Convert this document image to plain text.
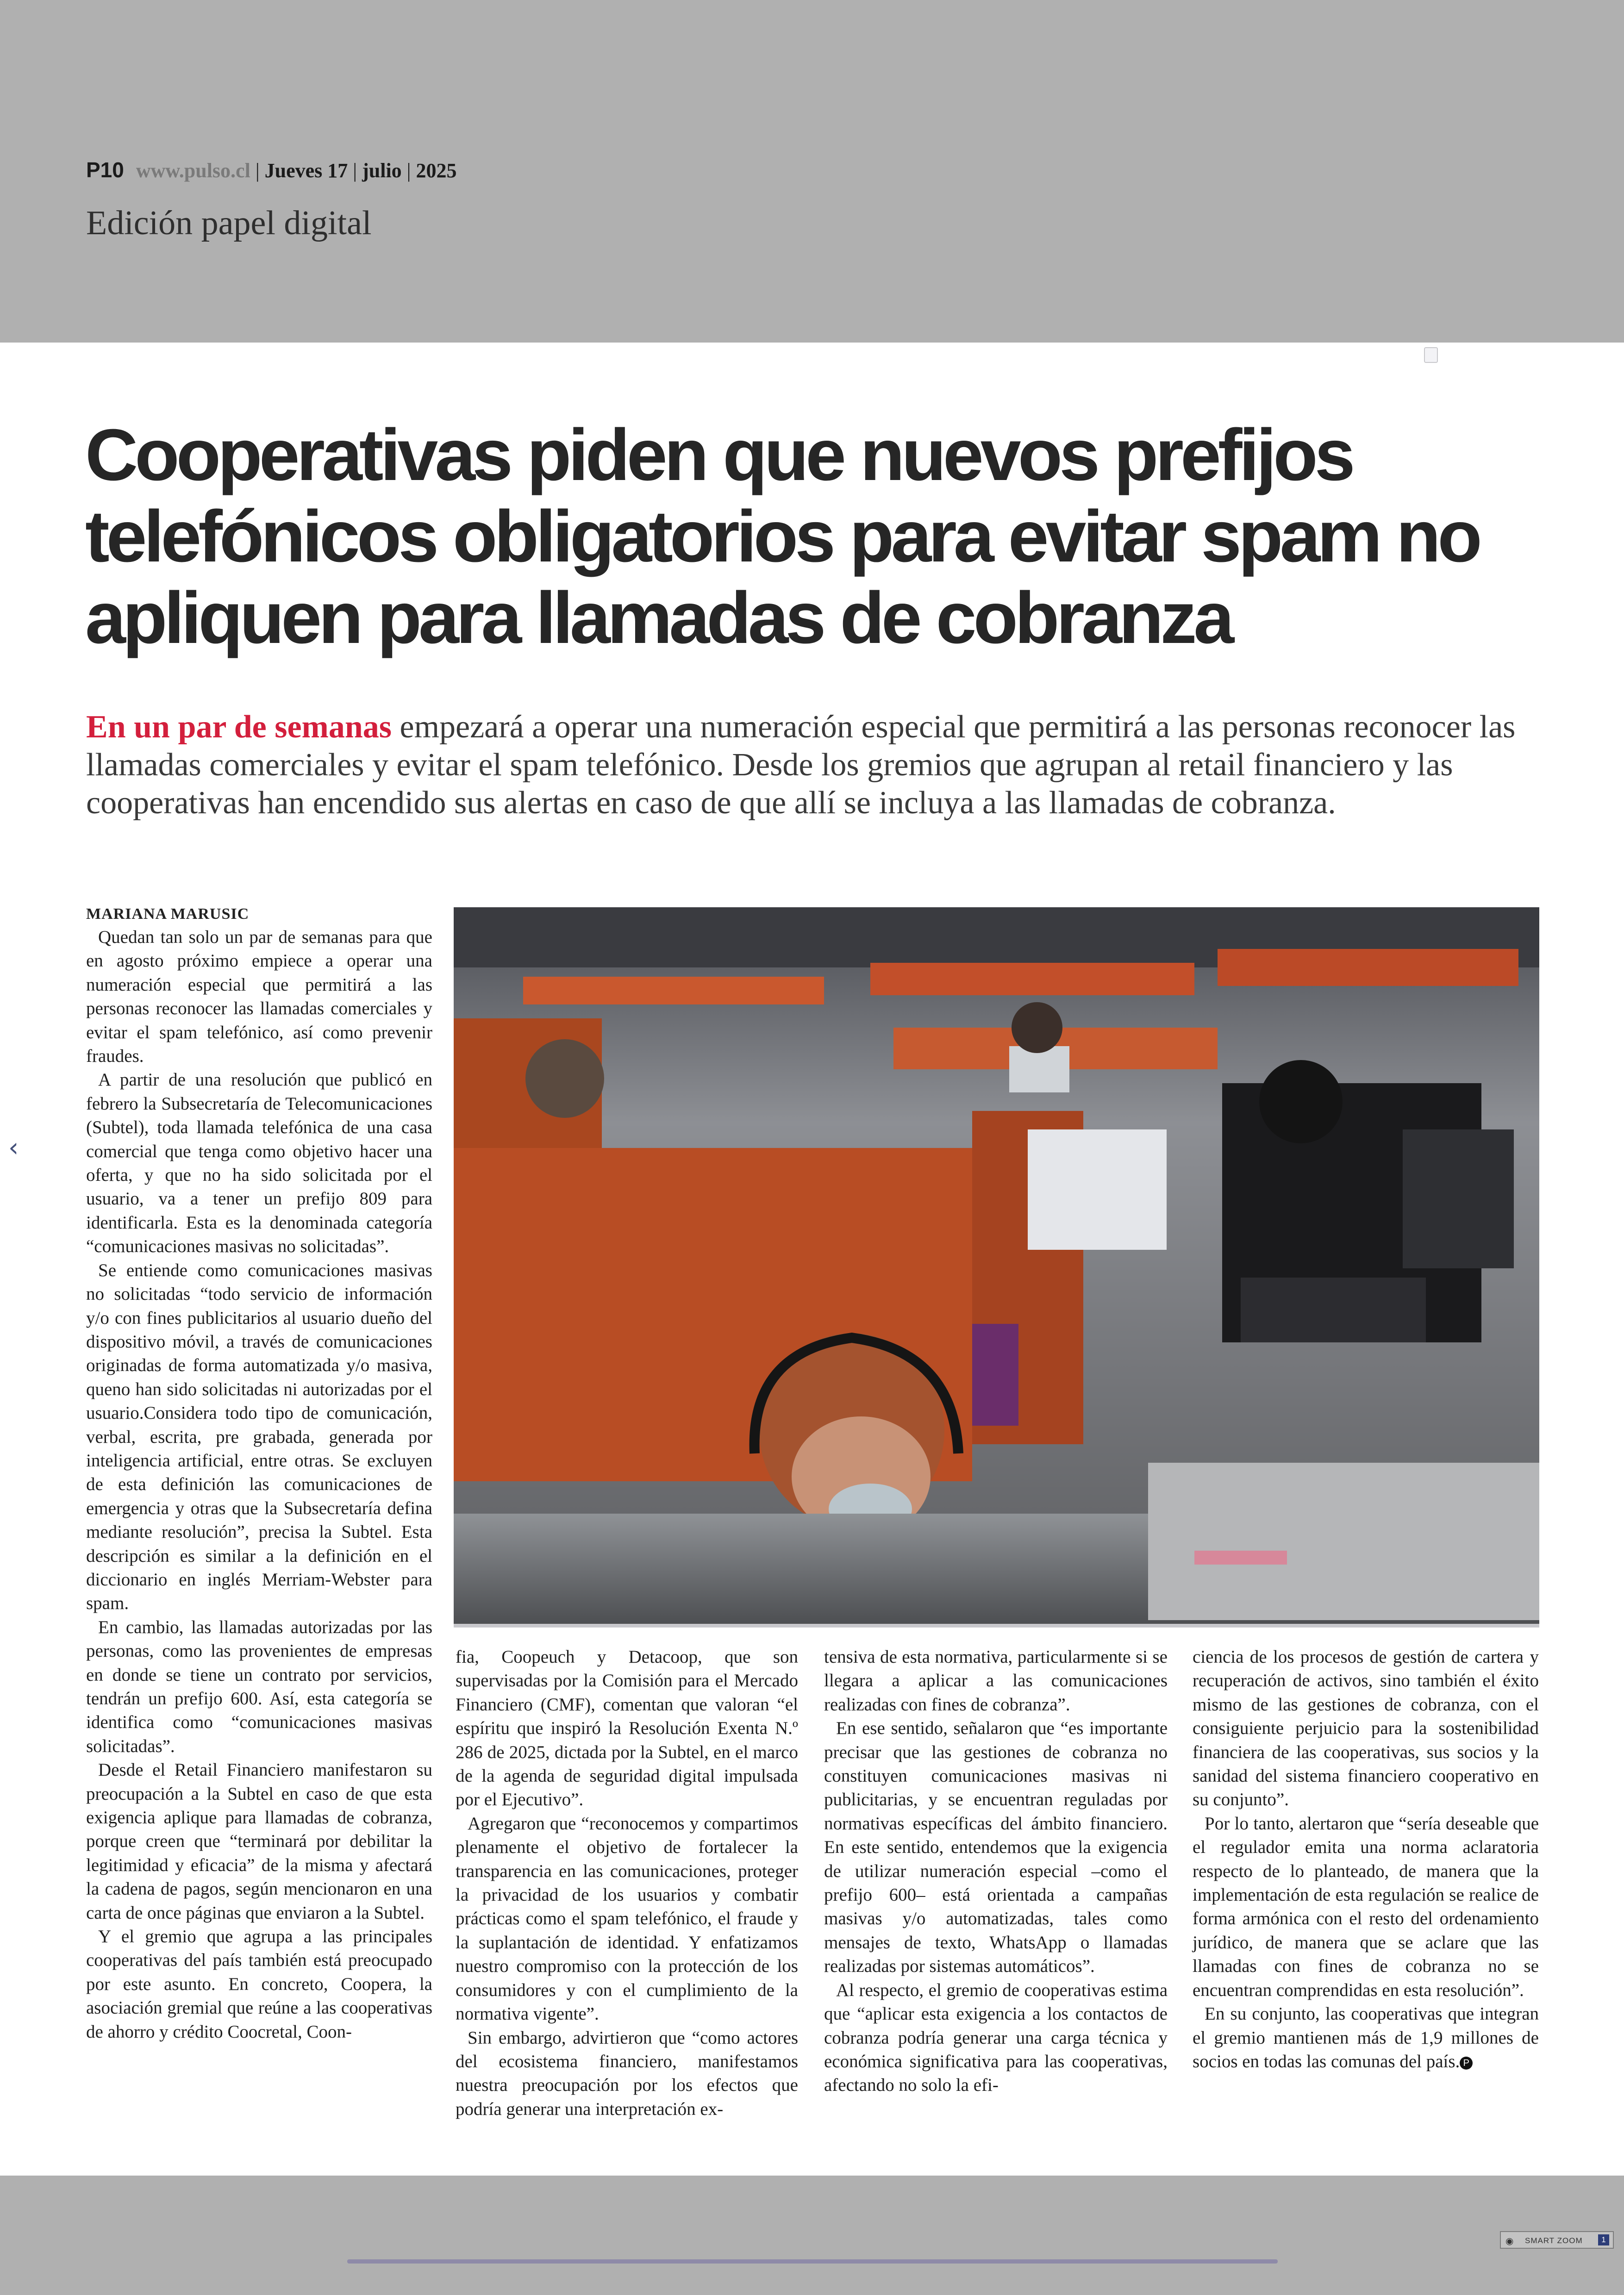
P10 www.pulso.cl | Jueves 17 | julio | 2025
Edición papel digital
Cooperativas piden que nuevos prefijos telefónicos obligatorios para evitar spam no apliquen para llamadas de cobranza

En un par de semanas empezará a operar una numeración especial que permitirá a las personas reconocer las llamadas comerciales y evitar el spam telefónico. Desde los gremios que agrupan al retail financiero y las cooperativas han encendido sus alertas en caso de que allí se incluya a las llamadas de cobranza.

MARIANA MARUSIC

Quedan tan solo un par de semanas para que en agosto próximo empiece a operar una numeración especial que permitirá a las personas reconocer las llamadas comerciales y evitar el spam telefónico, así como prevenir fraudes.

A partir de una resolución que publicó en febrero la Subsecretaría de Telecomunicaciones (Subtel), toda llamada telefónica de una casa comercial que tenga como objetivo hacer una oferta, y que no ha sido solicitada por el usuario, va a tener un prefijo 809 para identificarla. Esta es la denominada categoría “comunicaciones masivas no solicitadas”.

Se entiende como comunicaciones masivas no solicitadas “todo servicio de información y/o con fines publicitarios al usuario dueño del dispositivo móvil, a través de comunicaciones originadas de forma automatizada y/o masiva, queno han sido solicitadas ni autorizadas por el usuario.Considera todo tipo de comunicación, verbal, escrita, pre grabada, generada por inteligencia artificial, entre otras. Se excluyen de esta definición las comunicaciones de emergencia y otras que la Subsecretaría defina mediante resolución”, precisa la Subtel. Esta descripción es similar a la definición en el diccionario en inglés Merriam-Webster para spam.

En cambio, las llamadas autorizadas por las personas, como las provenientes de empresas en donde se tiene un contrato por servicios, tendrán un prefijo 600. Así, esta categoría se identifica como “comunicaciones masivas solicitadas”.

Desde el Retail Financiero manifestaron su preocupación a la Subtel en caso de que esta exigencia aplique para llamadas de cobranza, porque creen que “terminará por debilitar la legitimidad y eficacia” de la misma y afectará la cadena de pagos, según mencionaron en una carta de once páginas que enviaron a la Subtel.

Y el gremio que agrupa a las principales cooperativas del país también está preocupado por este asunto. En concreto, Coopera, la asociación gremial que reúne a las cooperativas de ahorro y crédito Coocretal, Coon-

fia, Coopeuch y Detacoop, que son supervisadas por la Comisión para el Mercado Financiero (CMF), comentan que valoran “el espíritu que inspiró la Resolución Exenta N.º 286 de 2025, dictada por la Subtel, en el marco de la agenda de seguridad digital impulsada por el Ejecutivo”.

Agregaron que “reconocemos y compartimos plenamente el objetivo de fortalecer la transparencia en las comunicaciones, proteger la privacidad de los usuarios y combatir prácticas como el spam telefónico, el fraude y la suplantación de identidad. Y enfatizamos nuestro compromiso con la protección de los consumidores y con el cumplimiento de la normativa vigente”.

Sin embargo, advirtieron que “como actores del ecosistema financiero, manifestamos nuestra preocupación por los efectos que podría generar una interpretación ex-

tensiva de esta normativa, particularmente si se llegara a aplicar a las comunicaciones realizadas con fines de cobranza”.

En ese sentido, señalaron que “es importante precisar que las gestiones de cobranza no constituyen comunicaciones masivas ni publicitarias, y se encuentran reguladas por normativas específicas del ámbito financiero. En este sentido, entendemos que la exigencia de utilizar numeración especial –como el prefijo 600– está orientada a campañas masivas y/o automatizadas, tales como mensajes de texto, WhatsApp o llamadas realizadas por sistemas automáticos”.

Al respecto, el gremio de cooperativas estima que “aplicar esta exigencia a los contactos de cobranza podría generar una carga técnica y económica significativa para las cooperativas, afectando no solo la efi-

ciencia de los procesos de gestión de cartera y recuperación de activos, sino también el éxito mismo de las gestiones de cobranza, con el consiguiente perjuicio para la sostenibilidad financiera de las cooperativas, sus socios y la sanidad del sistema financiero cooperativo en su conjunto”.

Por lo tanto, alertaron que “sería deseable que el regulador emita una norma aclaratoria respecto de lo planteado, de manera que la implementación de esta regulación se realice de forma armónica con el resto del ordenamiento jurídico, de manera que se aclare que las llamadas con fines de cobranza no se encuentran comprendidas en esta resolución”.

En su conjunto, las cooperativas que integran el gremio mantienen más de 1,9 millones de socios en todas las comunas del país. P

‹
◉ SMART ZOOM	1
